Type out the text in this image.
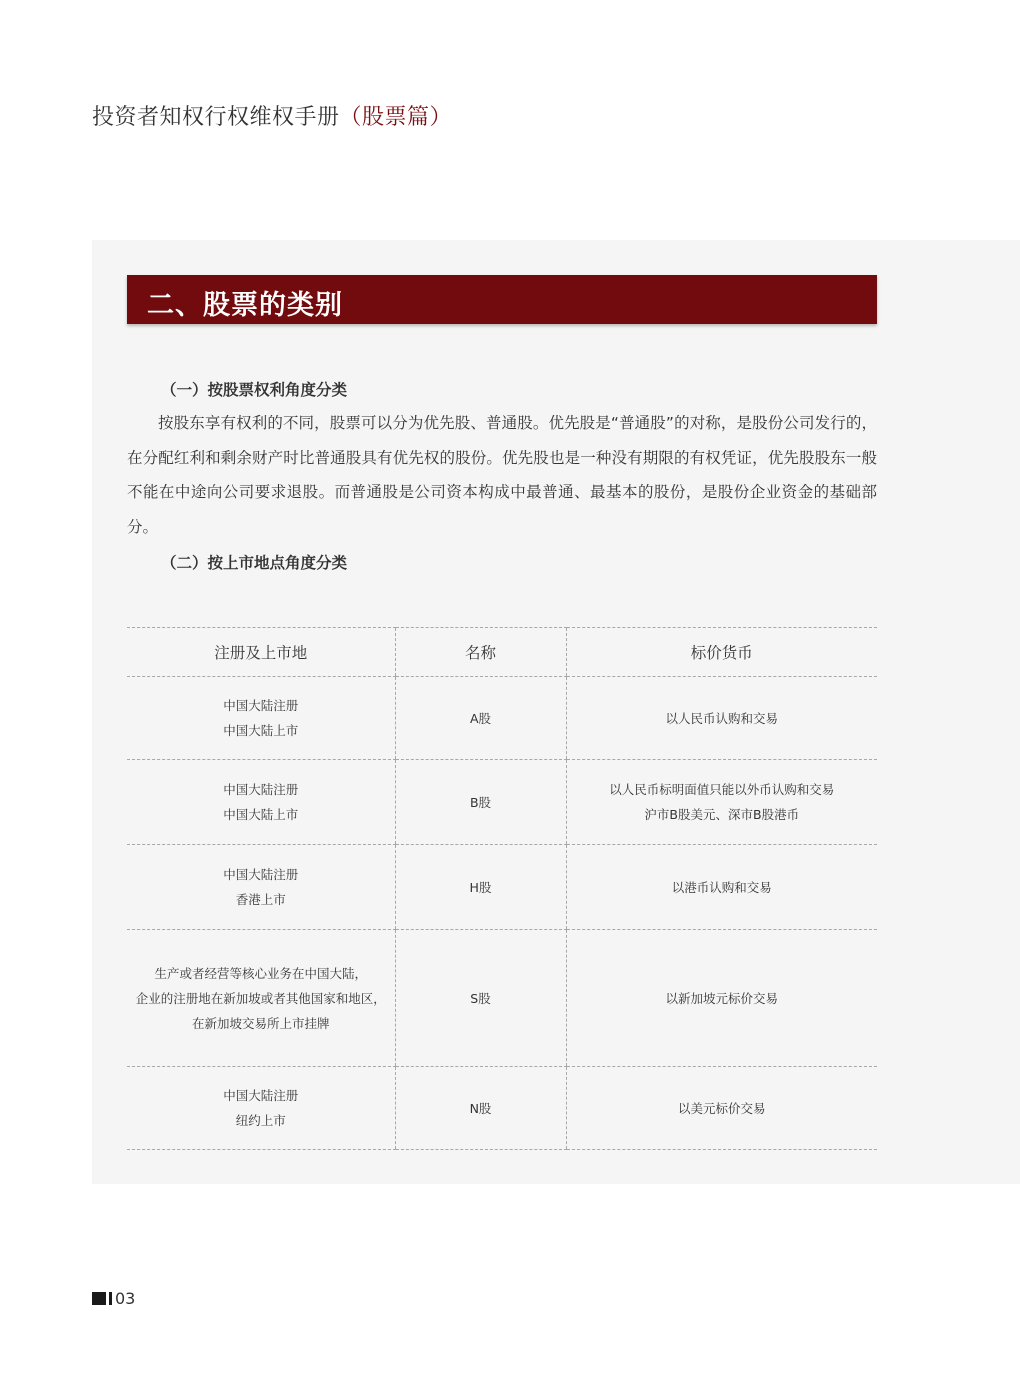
投资者知权行权维权手册（股票篇）
二、股票的类别
（一）按股票权利角度分类
按股东享有权利的不同，股票可以分为优先股、普通股。优先股是“普通股”的对称，是股份公司发行的，在分配红利和剩余财产时比普通股具有优先权的股份。优先股也是一种没有期限的有权凭证，优先股股东一般不能在中途向公司要求退股。而普通股是公司资本构成中最普通、最基本的股份，是股份企业资金的基础部分。
（二）按上市地点角度分类
注册及上市地	名称	标价货币

中国大陆注册
中国大陆上市	A股	以人民币认购和交易

中国大陆注册
中国大陆上市	B股	以人民币标明面值只能以外币认购和交易
沪市B股美元、深市B股港币

中国大陆注册
香港上市	H股	以港币认购和交易

生产或者经营等核心业务在中国大陆，
企业的注册地在新加坡或者其他国家和地区，
在新加坡交易所上市挂牌	S股	以新加坡元标价交易

中国大陆注册
纽约上市	N股	以美元标价交易
03
